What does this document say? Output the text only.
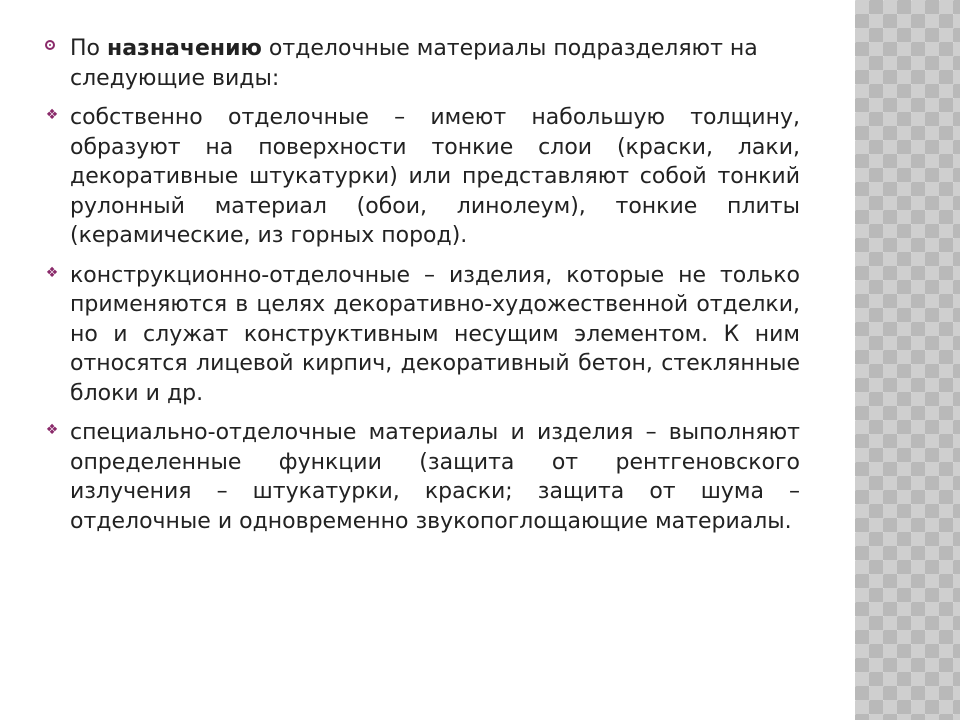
По назначению отделочные материалы подразделяют на следующие виды:
❖ собственно отделочные – имеют набольшую толщину, образуют на поверхности тонкие слои (краски, лаки, декоративные штукатурки) или представляют собой тонкий рулонный материал (обои, линолеум), тонкие плиты (керамические, из горных пород).
❖ конструкционно-отделочные – изделия, которые не только применяются в целях декоративно-художественной отделки, но и служат конструктивным несущим элементом. К ним относятся лицевой кирпич, декоративный бетон, стеклянные блоки и др.
❖ специально-отделочные материалы и изделия – выполняют определенные функции (защита от рентгеновского излучения – штукатурки, краски; защита от шума – отделочные и одновременно звукопоглощающие материалы.
